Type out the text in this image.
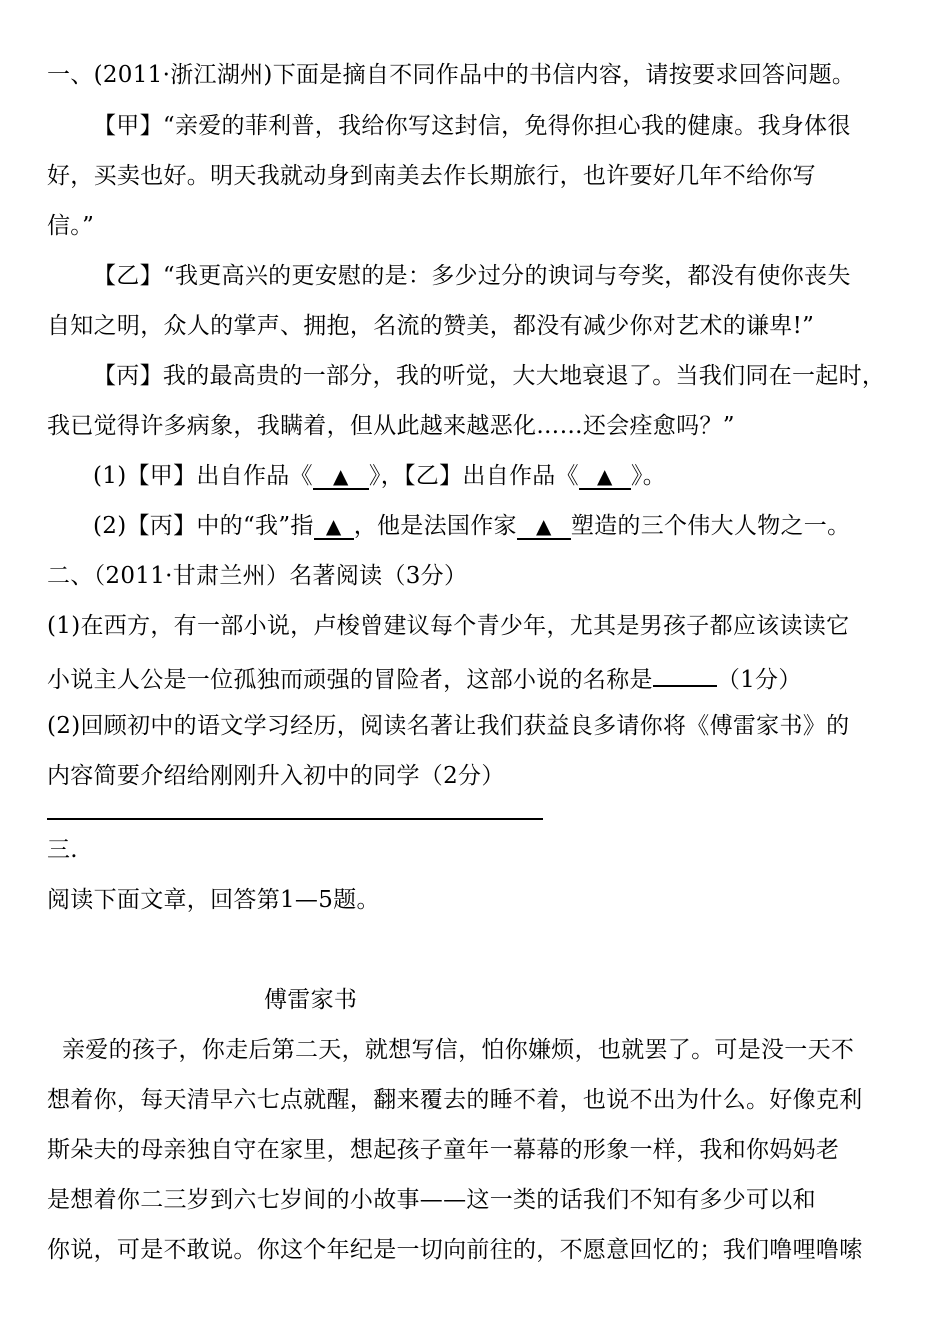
一、(2011·浙江湖州)下面是摘自不同作品中的书信内容，请按要求回答问题。
【甲】“亲爱的菲利普，我给你写这封信，免得你担心我的健康。我身体很
好，买卖也好。明天我就动身到南美去作长期旅行，也许要好几年不给你写
信。”
【乙】“我更高兴的更安慰的是：多少过分的谀词与夸奖，都没有使你丧失
自知之明，众人的掌声、拥抱，名流的赞美，都没有减少你对艺术的谦卑!”
【丙】我的最高贵的一部分，我的听觉，大大地衰退了。当我们同在一起时，
我已觉得许多病象，我瞒着，但从此越来越恶化……还会痊愈吗？”
(1)【甲】出自作品《 ▲ 》，【乙】出自作品《 ▲ 》。
(2)【丙】中的“我”指 ▲ ，他是法国作家 ▲ 塑造的三个伟大人物之一。
二、（2011·甘肃兰州）名著阅读（3分）
(1)在西方，有一部小说，卢梭曾建议每个青少年，尤其是男孩子都应该读读它
小说主人公是一位孤独而顽强的冒险者，这部小说的名称是	（1分）
(2)回顾初中的语文学习经历，阅读名著让我们获益良多请你将《傅雷家书》的
内容简要介绍给刚刚升入初中的同学（2分）
三.
阅读下面文章，回答第1—5题。
傅雷家书
亲爱的孩子，你走后第二天，就想写信，怕你嫌烦，也就罢了。可是没一天不
想着你，每天清早六七点就醒，翻来覆去的睡不着，也说不出为什么。好像克利
斯朵夫的母亲独自守在家里，想起孩子童年一幕幕的形象一样，我和你妈妈老
是想着你二三岁到六七岁间的小故事——这一类的话我们不知有多少可以和
你说，可是不敢说。你这个年纪是一切向前往的，不愿意回忆的；我们噜哩噜嗦
